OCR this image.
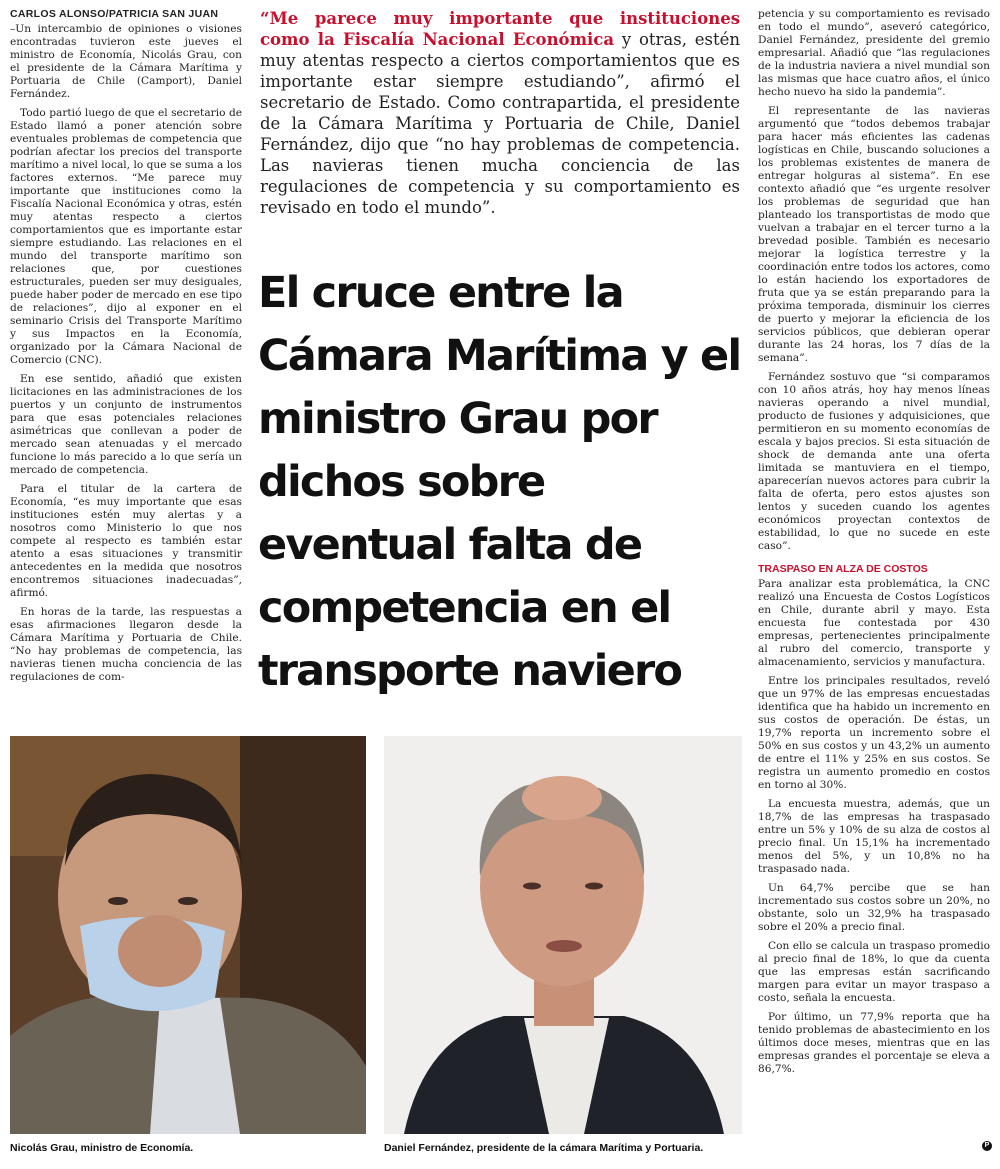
CARLOS ALONSO/PATRICIA SAN JUAN

–Un intercambio de opiniones o visiones encontradas tuvieron este jueves el ministro de Economía, Nicolás Grau, con el presidente de la Cámara Marítima y Portuaria de Chile (Camport), Daniel Fernández.

Todo partió luego de que el secretario de Estado llamó a poner atención sobre eventuales problemas de competencia que podrían afectar los precios del transporte marítimo a nivel local, lo que se suma a los factores externos. “Me parece muy importante que instituciones como la Fiscalía Nacional Económica y otras, estén muy atentas respecto a ciertos comportamientos que es importante estar siempre estudiando. Las relaciones en el mundo del transporte marítimo son relaciones que, por cuestiones estructurales, pueden ser muy desiguales, puede haber poder de mercado en ese tipo de relaciones”, dijo al exponer en el seminario Crisis del Transporte Marítimo y sus Impactos en la Economía, organizado por la Cámara Nacional de Comercio (CNC).

En ese sentido, añadió que existen licitaciones en las administraciones de los puertos y un conjunto de instrumentos para que esas potenciales relaciones asimétricas que conllevan a poder de mercado sean atenuadas y el mercado funcione lo más parecido a lo que sería un mercado de competencia.

Para el titular de la cartera de Economía, “es muy importante que esas instituciones estén muy alertas y a nosotros como Ministerio lo que nos compete al respecto es también estar atento a esas situaciones y transmitir antecedentes en la medida que nosotros encontremos situaciones inadecuadas”, afirmó.

En horas de la tarde, las respuestas a esas afirmaciones llegaron desde la Cámara Marítima y Portuaria de Chile. “No hay problemas de competencia, las navieras tienen mucha conciencia de las regulaciones de com-

“Me parece muy importante que instituciones como la Fiscalía Nacional Económica y otras, estén muy atentas respecto a ciertos comportamientos que es importante estar siempre estudiando”, afirmó el secretario de Estado. Como contrapartida, el presidente de la Cámara Marítima y Portuaria de Chile, Daniel Fernández, dijo que “no hay problemas de competencia. Las navieras tienen mucha conciencia de las regulaciones de competencia y su comportamiento es revisado en todo el mundo”.
El cruce entre la Cámara Marítima y el ministro Grau por dichos sobre eventual falta de competencia en el transporte naviero

petencia y su comportamiento es revisado en todo el mundo”, aseveró categórico, Daniel Fernández, presidente del gremio empresarial. Añadió que “las regulaciones de la industria naviera a nivel mundial son las mismas que hace cuatro años, el único hecho nuevo ha sido la pandemia”.

El representante de las navieras argumentó que “todos debemos trabajar para hacer más eficientes las cadenas logísticas en Chile, buscando soluciones a los problemas existentes de manera de entregar holguras al sistema”. En ese contexto añadió que “es urgente resolver los problemas de seguridad que han planteado los transportistas de modo que vuelvan a trabajar en el tercer turno a la brevedad posible. También es necesario mejorar la logística terrestre y la coordinación entre todos los actores, como lo están haciendo los exportadores de fruta que ya se están preparando para la próxima temporada, disminuir los cierres de puerto y mejorar la eficiencia de los servicios públicos, que debieran operar durante las 24 horas, los 7 días de la semana”.

Fernández sostuvo que “si comparamos con 10 años atrás, hoy hay menos líneas navieras operando a nivel mundial, producto de fusiones y adquisiciones, que permitieron en su momento economías de escala y bajos precios. Si esta situación de shock de demanda ante una oferta limitada se mantuviera en el tiempo, aparecerían nuevos actores para cubrir la falta de oferta, pero estos ajustes son lentos y suceden cuando los agentes económicos proyectan contextos de estabilidad, lo que no sucede en este caso”.

TRASPASO EN ALZA DE COSTOS

Para analizar esta problemática, la CNC realizó una Encuesta de Costos Logísticos en Chile, durante abril y mayo. Esta encuesta fue contestada por 430 empresas, pertenecientes principalmente al rubro del comercio, transporte y almacenamiento, servicios y manufactura.

Entre los principales resultados, reveló que un 97% de las empresas encuestadas identifica que ha habido un incremento en sus costos de operación. De éstas, un 19,7% reporta un incremento sobre el 50% en sus costos y un 43,2% un aumento de entre el 11% y 25% en sus costos. Se registra un aumento promedio en costos en torno al 30%.

La encuesta muestra, además, que un 18,7% de las empresas ha traspasado entre un 5% y 10% de su alza de costos al precio final. Un 15,1% ha incrementado menos del 5%, y un 10,8% no ha traspasado nada.

Un 64,7% percibe que se han incrementado sus costos sobre un 20%, no obstante, solo un 32,9% ha traspasado sobre el 20% a precio final.

Con ello se calcula un traspaso promedio al precio final de 18%, lo que da cuenta que las empresas están sacrificando margen para evitar un mayor traspaso a costo, señala la encuesta.

Por último, un 77,9% reporta que ha tenido problemas de abastecimiento en los últimos doce meses, mientras que en las empresas grandes el porcentaje se eleva a 86,7%.

Nicolás Grau, ministro de Economía.	Daniel Fernández, presidente de la cámara Marítima y Portuaria.	P
